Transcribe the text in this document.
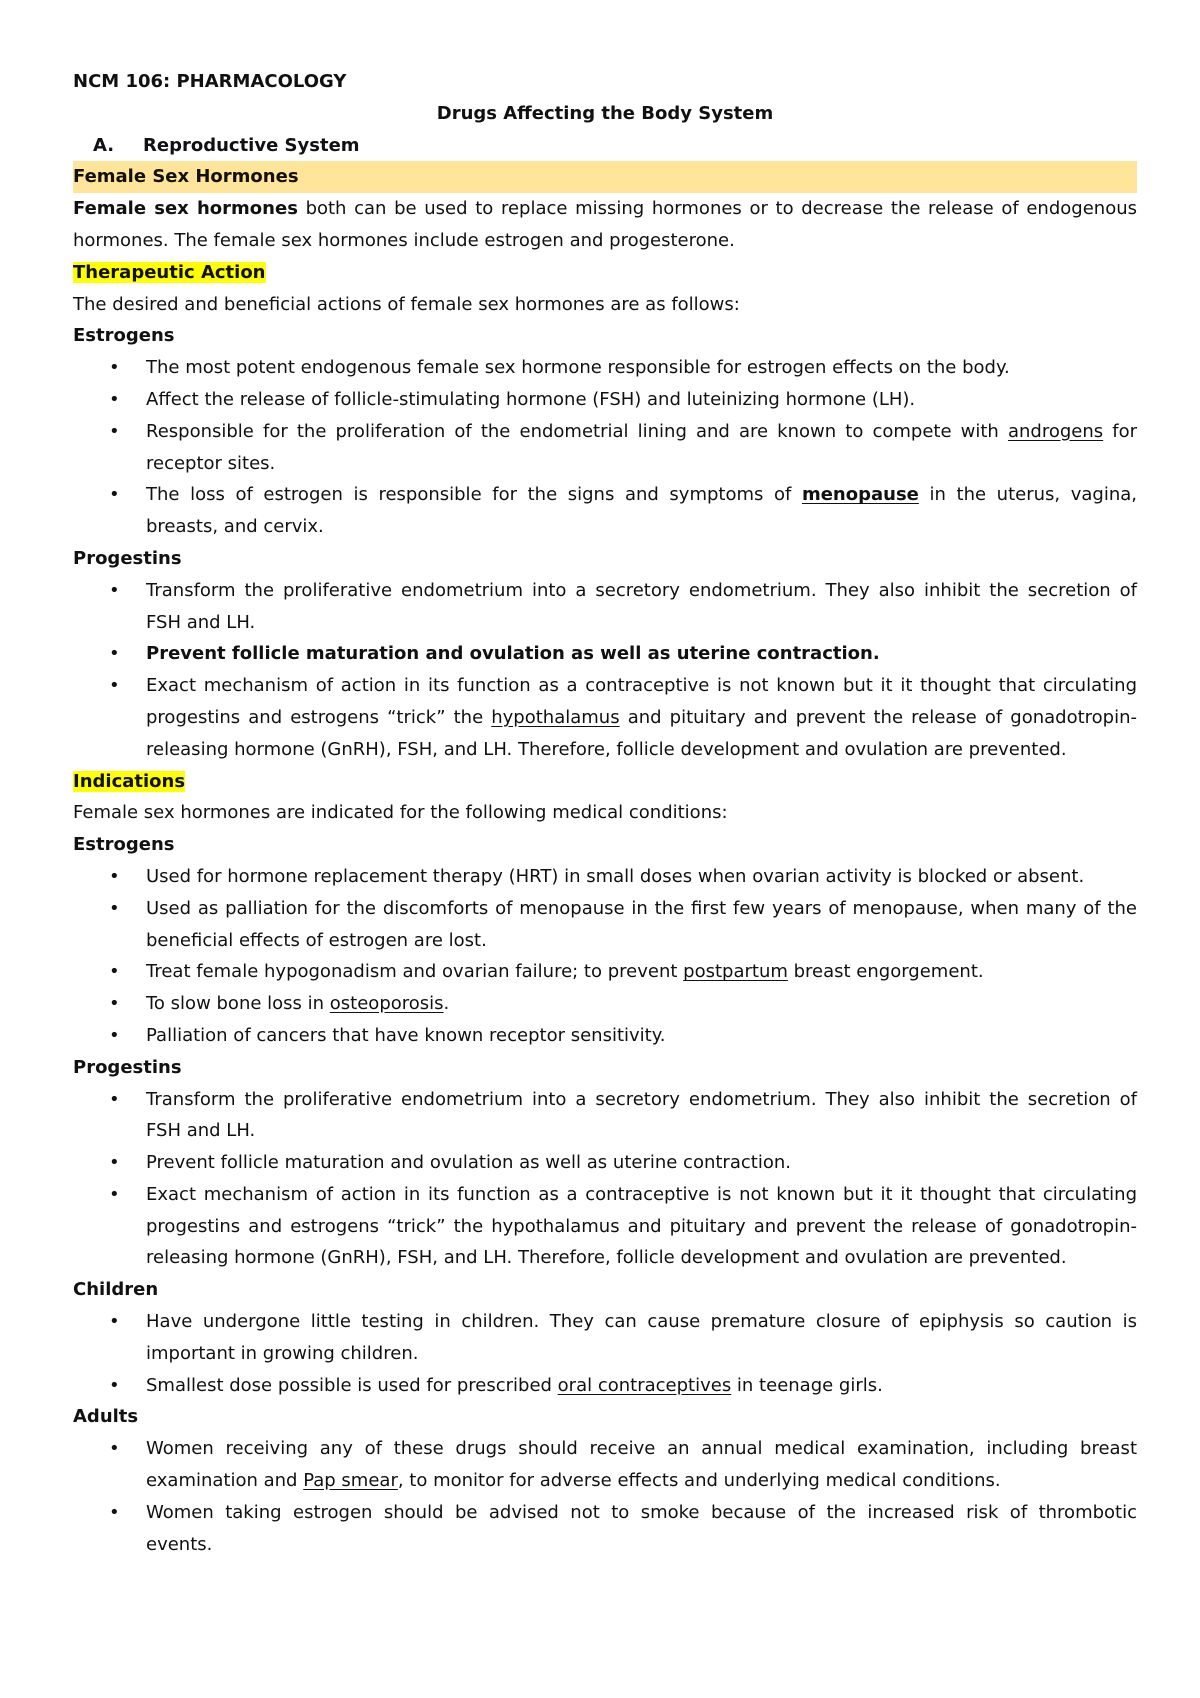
NCM 106: PHARMACOLOGY
Drugs Affecting the Body System
A. Reproductive System
Female Sex Hormones
Female sex hormones both can be used to replace missing hormones or to decrease the release of endogenous
hormones. The female sex hormones include estrogen and progesterone.
Therapeutic Action
The desired and beneficial actions of female sex hormones are as follows:
Estrogens
• The most potent endogenous female sex hormone responsible for estrogen effects on the body.
• Affect the release of follicle-stimulating hormone (FSH) and luteinizing hormone (LH).
• Responsible for the proliferation of the endometrial lining and are known to compete with androgens for
receptor sites.
• The loss of estrogen is responsible for the signs and symptoms of menopause in the uterus, vagina,
breasts, and cervix.
Progestins
• Transform the proliferative endometrium into a secretory endometrium. They also inhibit the secretion of
FSH and LH.
• Prevent follicle maturation and ovulation as well as uterine contraction.
• Exact mechanism of action in its function as a contraceptive is not known but it it thought that circulating
progestins and estrogens “trick” the hypothalamus and pituitary and prevent the release of gonadotropin-
releasing hormone (GnRH), FSH, and LH. Therefore, follicle development and ovulation are prevented.
Indications
Female sex hormones are indicated for the following medical conditions:
Estrogens
• Used for hormone replacement therapy (HRT) in small doses when ovarian activity is blocked or absent.
• Used as palliation for the discomforts of menopause in the first few years of menopause, when many of the
beneficial effects of estrogen are lost.
• Treat female hypogonadism and ovarian failure; to prevent postpartum breast engorgement.
• To slow bone loss in osteoporosis.
• Palliation of cancers that have known receptor sensitivity.
Progestins
• Transform the proliferative endometrium into a secretory endometrium. They also inhibit the secretion of
FSH and LH.
• Prevent follicle maturation and ovulation as well as uterine contraction.
• Exact mechanism of action in its function as a contraceptive is not known but it it thought that circulating
progestins and estrogens “trick” the hypothalamus and pituitary and prevent the release of gonadotropin-
releasing hormone (GnRH), FSH, and LH. Therefore, follicle development and ovulation are prevented.
Children
• Have undergone little testing in children. They can cause premature closure of epiphysis so caution is
important in growing children.
• Smallest dose possible is used for prescribed oral contraceptives in teenage girls.
Adults
• Women receiving any of these drugs should receive an annual medical examination, including breast
examination and Pap smear, to monitor for adverse effects and underlying medical conditions.
• Women taking estrogen should be advised not to smoke because of the increased risk of thrombotic
events.
